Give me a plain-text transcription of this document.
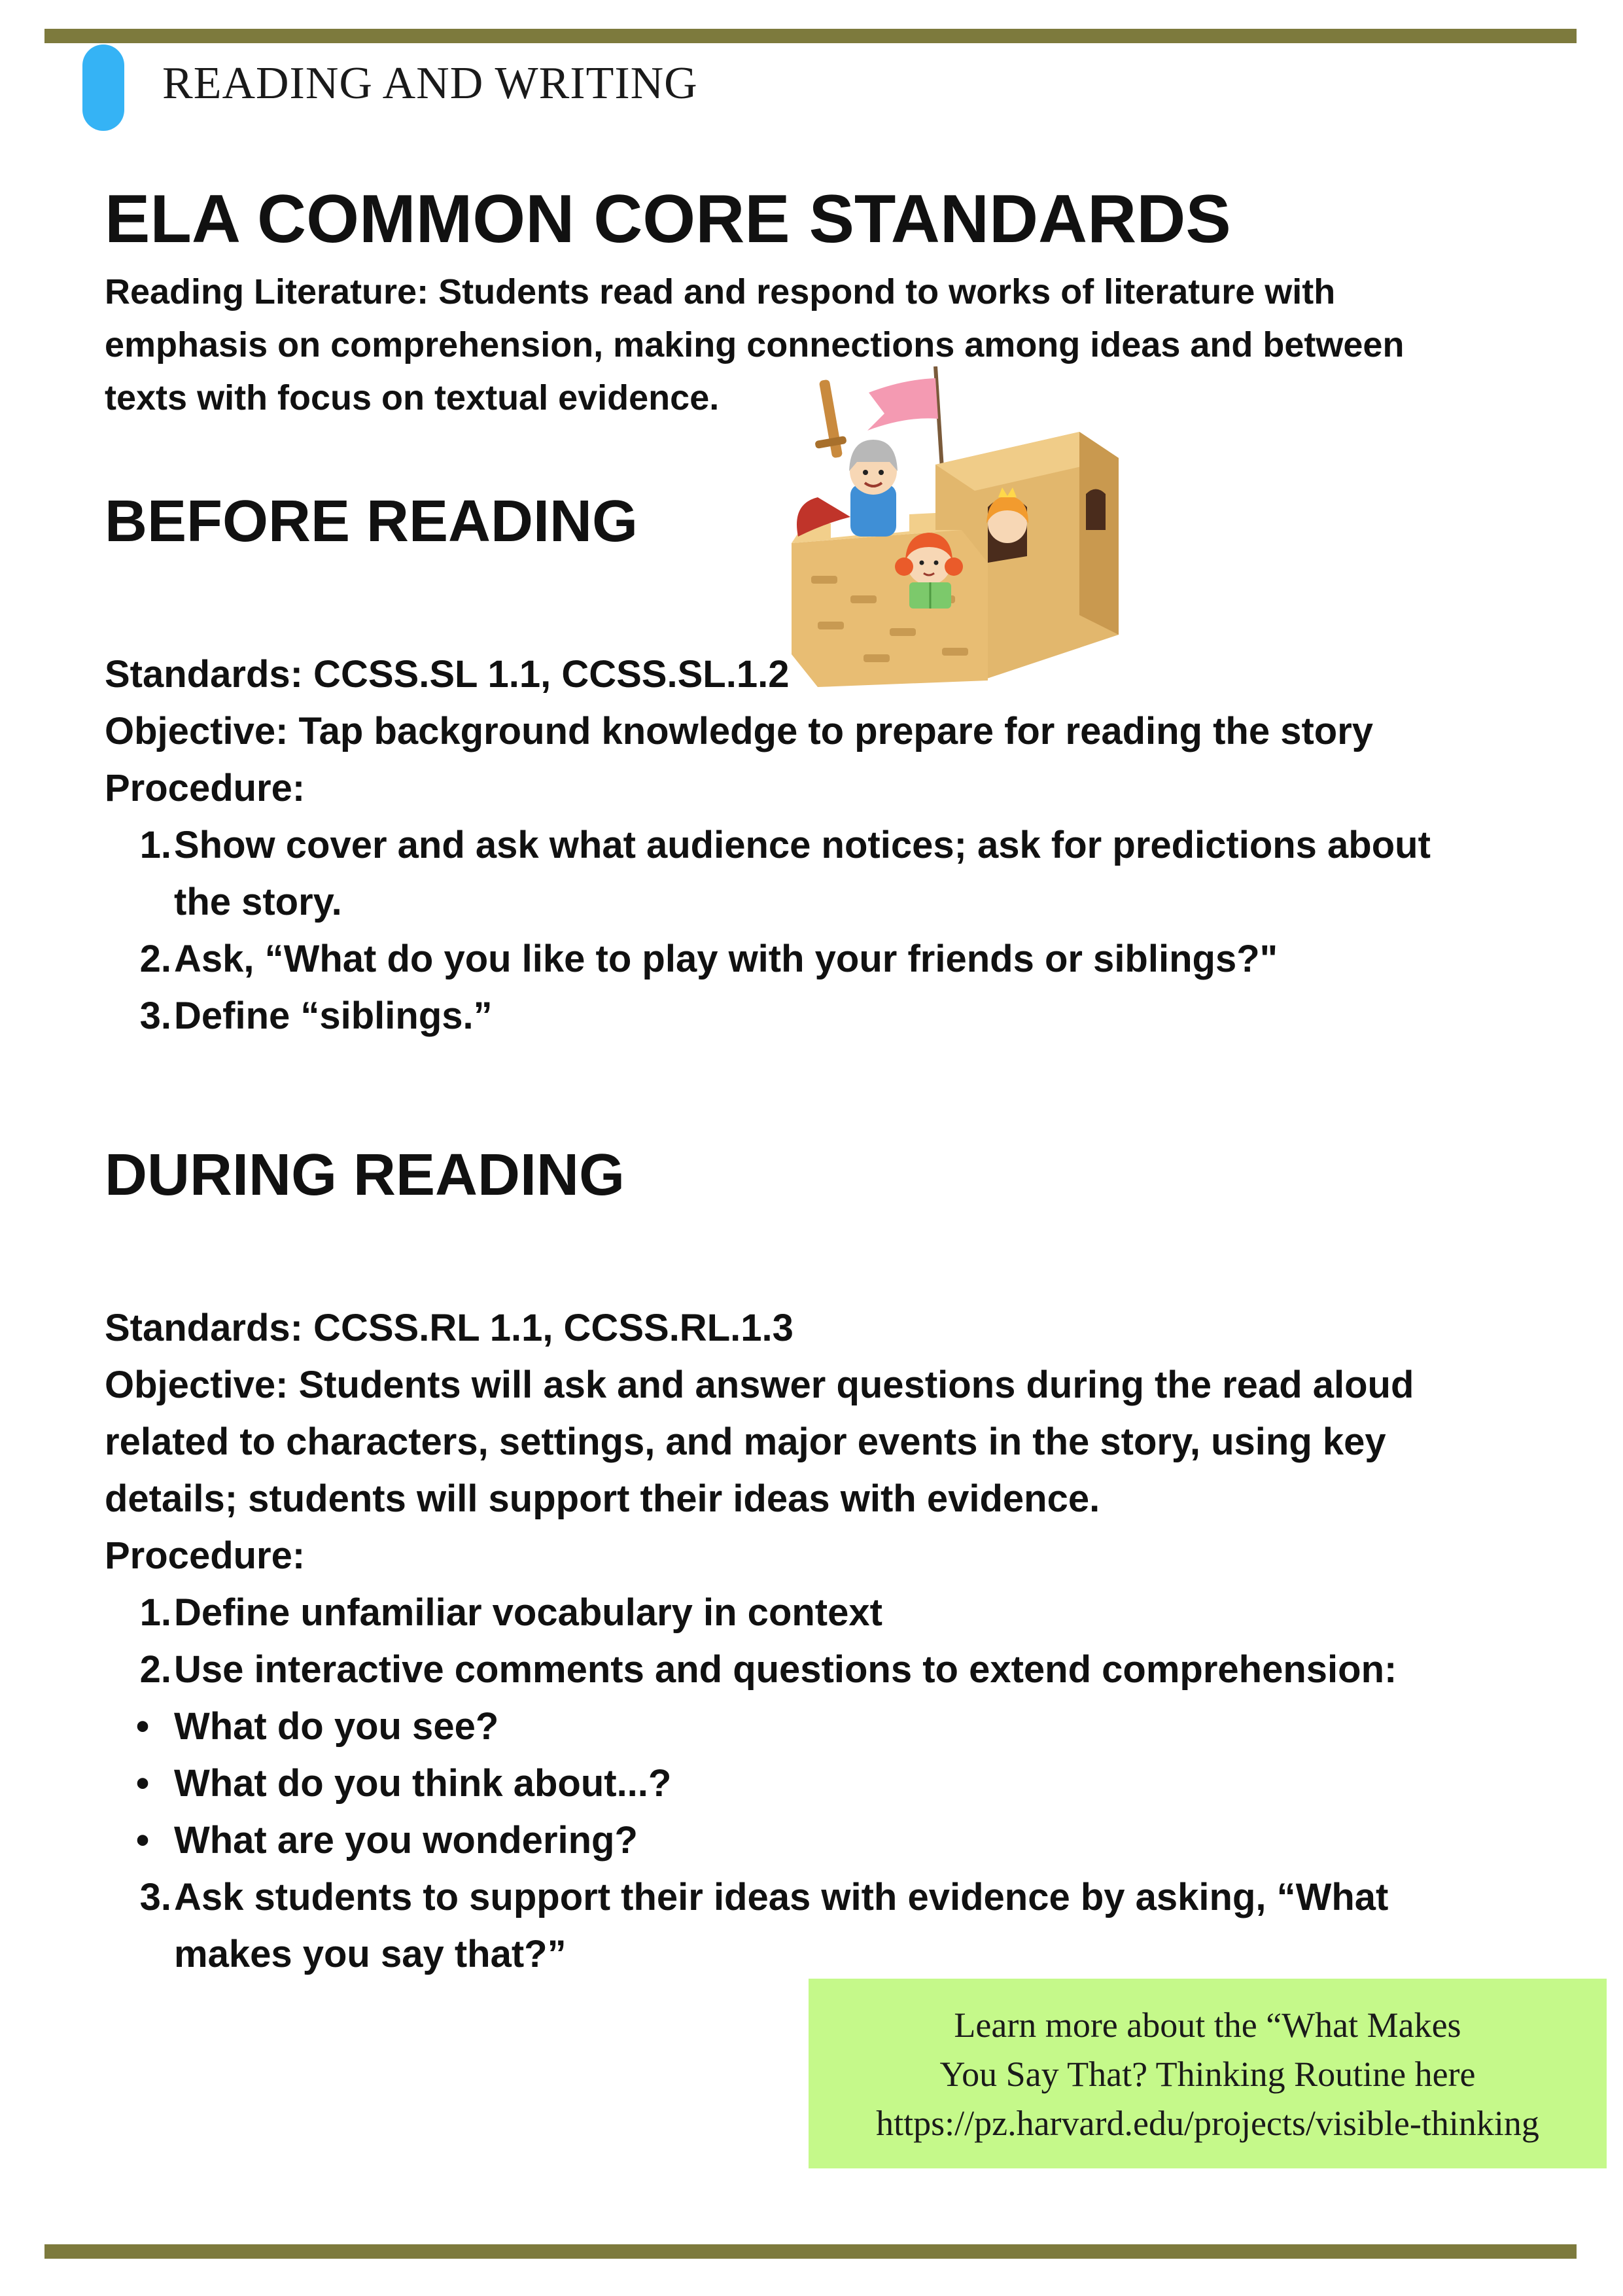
READING AND WRITING
ELA COMMON CORE STANDARDS

Reading Literature: Students read and respond to works of literature with emphasis on comprehension, making connections among ideas and between texts with focus on textual evidence.

BEFORE READING

Standards: CCSS.SL 1.1, CCSS.SL.1.2

Objective: Tap background knowledge to prepare for reading the story

Procedure:

1. Show cover and ask what audience notices; ask for predictions about the story.
2. Ask, “What do you like to play with your friends or siblings?"
3. Define “siblings.”
DURING READING

Standards: CCSS.RL 1.1, CCSS.RL.1.3

Objective: Students will ask and answer questions during the read aloud related to characters, settings, and major events in the story, using key details; students will support their ideas with evidence.

Procedure:

1. Define unfamiliar vocabulary in context
2. Use interactive comments and questions to extend comprehension:
• What do you see?
• What do you think about...?
• What are you wondering?
3. Ask students to support their ideas with evidence by asking, “What makes you say that?”
Learn more about the “What Makes
You Say That? Thinking Routine here
https://pz.harvard.edu/projects/visible-thinking
